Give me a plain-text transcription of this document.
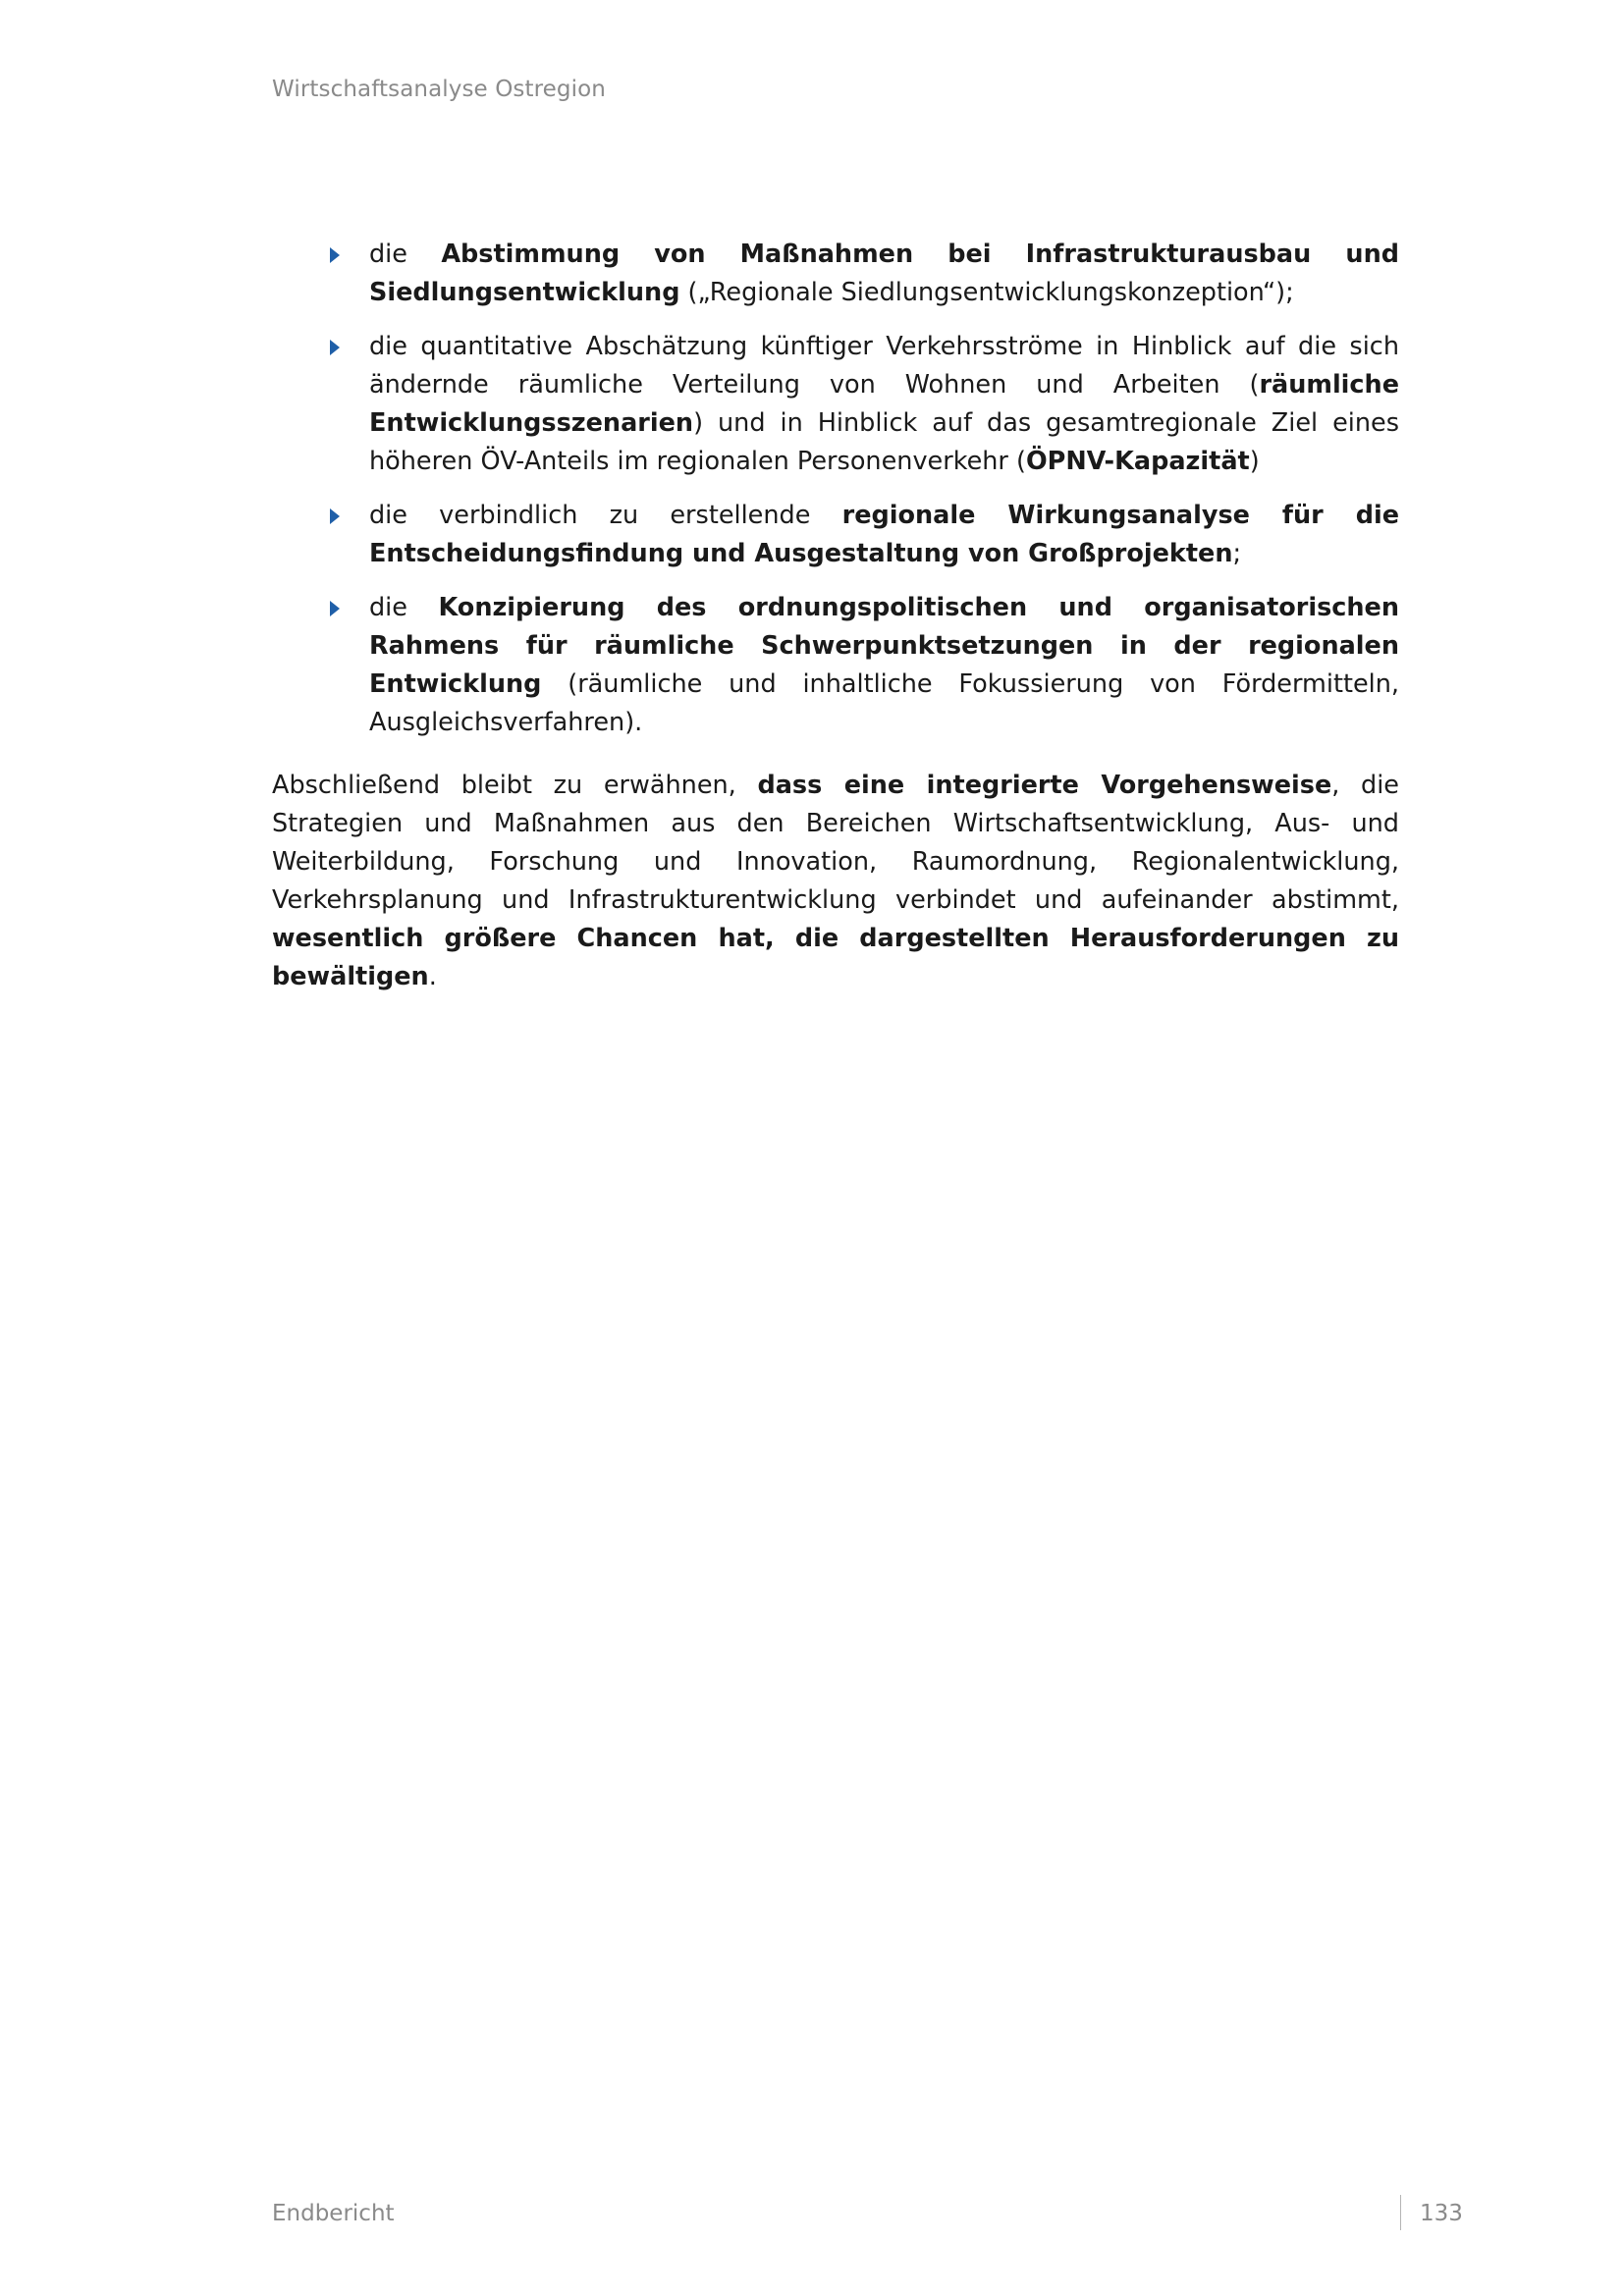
Wirtschaftsanalyse Ostregion
die Abstimmung von Maßnahmen bei Infrastrukturausbau und Siedlungsentwicklung („Regionale Siedlungsentwicklungskonzeption“);
die quantitative Abschätzung künftiger Verkehrsströme in Hinblick auf die sich ändernde räumliche Verteilung von Wohnen und Arbeiten (räumliche Entwicklungsszenarien) und in Hinblick auf das gesamtregionale Ziel eines höheren ÖV-Anteils im regionalen Personenverkehr (ÖPNV-Kapazität)
die verbindlich zu erstellende regionale Wirkungsanalyse für die Entscheidungsfindung und Ausgestaltung von Großprojekten;
die Konzipierung des ordnungspolitischen und organisatorischen Rahmens für räumliche Schwerpunktsetzungen in der regionalen Entwicklung (räumliche und inhaltliche Fokussierung von Fördermitteln, Ausgleichsverfahren).

Abschließend bleibt zu erwähnen, dass eine integrierte Vorgehensweise, die Strategien und Maßnahmen aus den Bereichen Wirtschaftsentwicklung, Aus- und Weiterbildung, Forschung und Innovation, Raumordnung, Regionalentwicklung, Verkehrsplanung und Infrastrukturentwicklung verbindet und aufeinander abstimmt, wesentlich größere Chancen hat, die dargestellten Herausforderungen zu bewältigen.

Endbericht	133
